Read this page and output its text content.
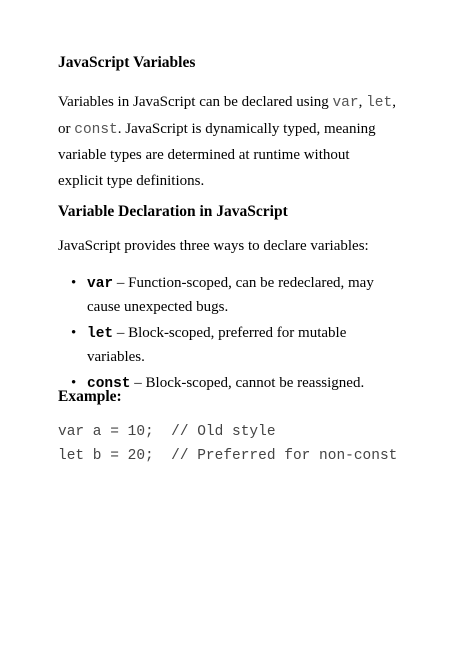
JavaScript Variables

Variables in JavaScript can be declared using var, let, or const. JavaScript is dynamically typed, meaning variable types are determined at runtime without explicit type definitions.

Variable Declaration in JavaScript

JavaScript provides three ways to declare variables:

• var – Function-scoped, can be redeclared, may cause unexpected bugs.
• let – Block-scoped, preferred for mutable variables.
• const – Block-scoped, cannot be reassigned.
Example:
var a = 10;  // Old style
let b = 20;  // Preferred for non-const
